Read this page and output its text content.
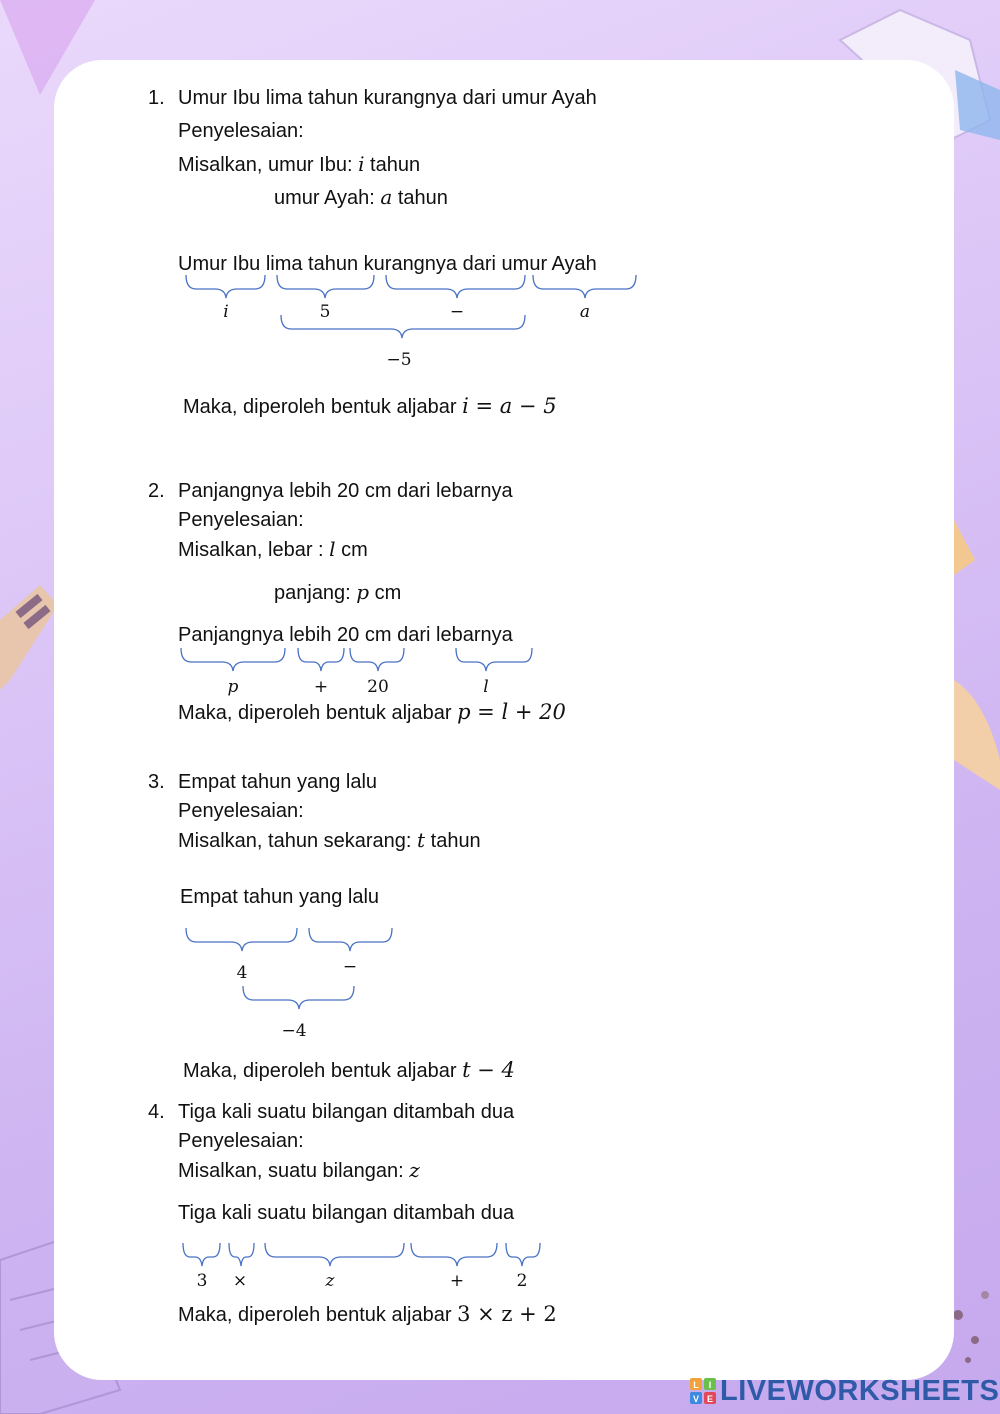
1. Umur Ibu lima tahun kurangnya dari umur Ayah
Penyelesaian:
Misalkan, umur Ibu: i tahun
umur Ayah: a tahun
Umur Ibu lima tahun kurangnya dari umur Ayah
i	5	−	a
−5
Maka, diperoleh bentuk aljabar i = a − 5
2. Panjangnya lebih 20 cm dari lebarnya
Penyelesaian:
Misalkan, lebar : l cm
panjang: p cm
Panjangnya lebih 20 cm dari lebarnya
p	+ 20	l
Maka, diperoleh bentuk aljabar p = l + 20
3. Empat tahun yang lalu
Penyelesaian:
Misalkan, tahun sekarang: t tahun
Empat tahun yang lalu
4	−
−4
Maka, diperoleh bentuk aljabar t − 4
4. Tiga kali suatu bilangan ditambah dua
Penyelesaian:
Misalkan, suatu bilangan: z
Tiga kali suatu bilangan ditambah dua
3 ×	z	+	2
Maka, diperoleh bentuk aljabar 3 × z + 2
L I
V E LIVEWORKSHEETS
